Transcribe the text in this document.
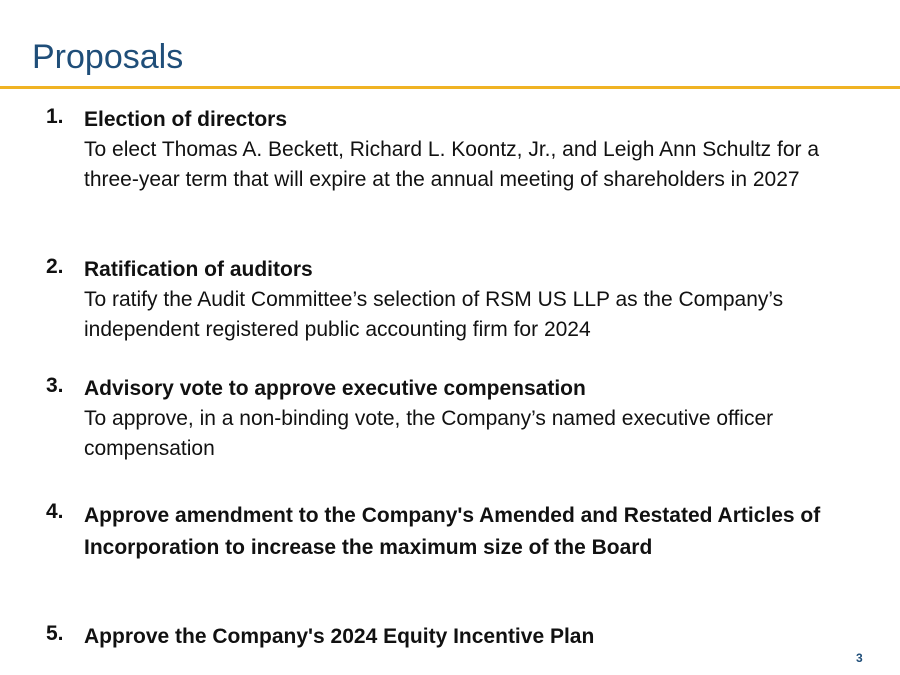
Proposals
1. Election of directors
To elect Thomas A. Beckett, Richard L. Koontz, Jr., and Leigh Ann Schultz for a three-year term that will expire at the annual meeting of shareholders in 2027
2. Ratification of auditors
To ratify the Audit Committee’s selection of RSM US LLP as the Company’s independent registered public accounting firm for 2024
3. Advisory vote to approve executive compensation
To approve, in a non-binding vote, the Company’s named executive officer compensation
4. Approve amendment to the Company's Amended and Restated Articles of Incorporation to increase the maximum size of the Board
5. Approve the Company's 2024 Equity Incentive Plan
3
